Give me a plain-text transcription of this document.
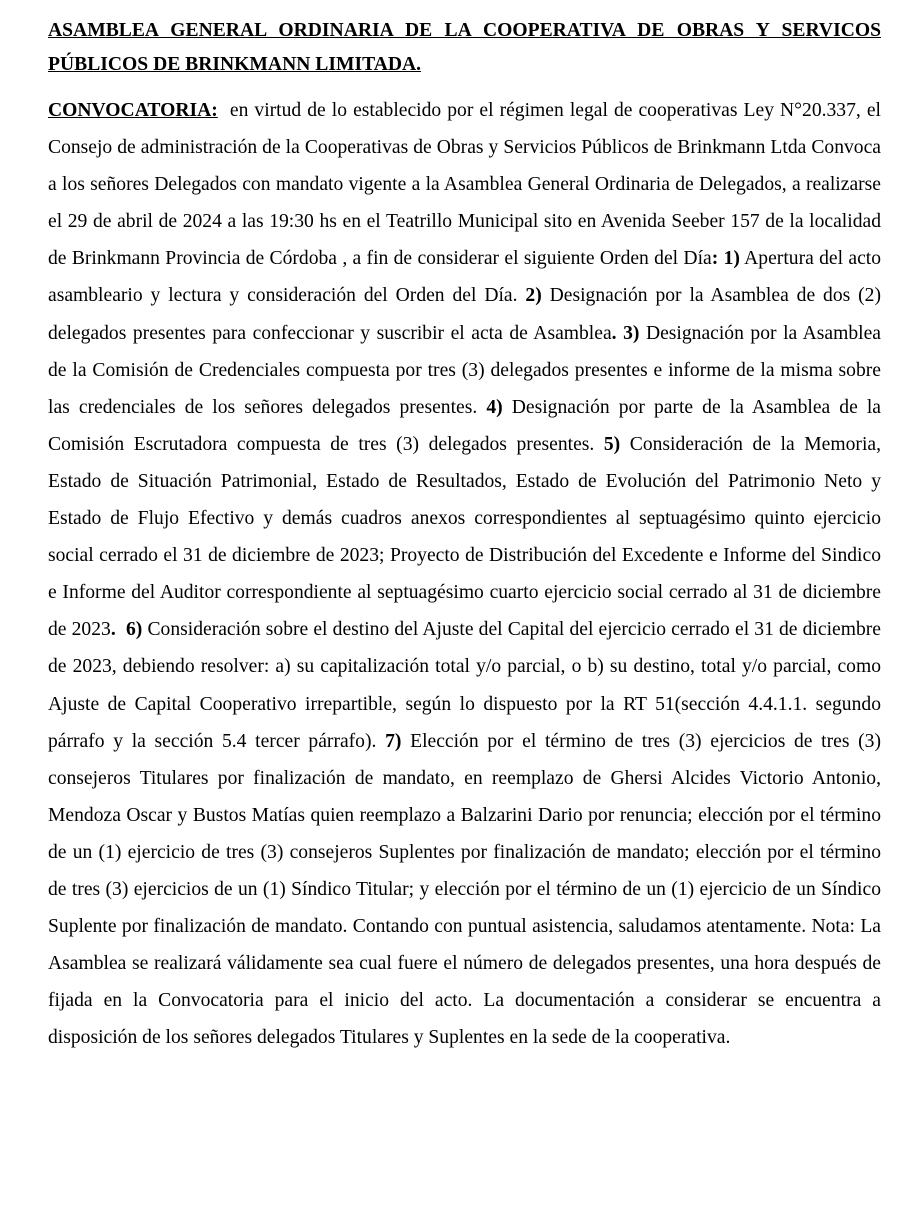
ASAMBLEA GENERAL ORDINARIA DE LA COOPERATIVA DE OBRAS Y SERVICOS PÚBLICOS DE BRINKMANN LIMITADA.

CONVOCATORIA:  en virtud de lo establecido por el régimen legal de cooperativas Ley N°20.337, el Consejo de administración de la Cooperativas de Obras y Servicios Públicos de Brinkmann Ltda Convoca a los señores Delegados con mandato vigente a la Asamblea General Ordinaria de Delegados, a realizarse el 29 de abril de 2024 a las 19:30 hs en el Teatrillo Municipal sito en Avenida Seeber 157 de la localidad de Brinkmann Provincia de Córdoba , a fin de considerar el siguiente Orden del Día: 1) Apertura del acto asambleario y lectura y consideración del Orden del Día. 2) Designación por la Asamblea de dos (2) delegados presentes para confeccionar y suscribir el acta de Asamblea. 3) Designación por la Asamblea de la Comisión de Credenciales compuesta por tres (3) delegados presentes e informe de la misma sobre las credenciales de los señores delegados presentes. 4) Designación por parte de la Asamblea de la Comisión Escrutadora compuesta de tres (3) delegados presentes. 5) Consideración de la Memoria, Estado de Situación Patrimonial, Estado de Resultados, Estado de Evolución del Patrimonio Neto y Estado de Flujo Efectivo y demás cuadros anexos correspondientes al septuagésimo quinto ejercicio social cerrado el 31 de diciembre de 2023; Proyecto de Distribución del Excedente e Informe del Sindico e Informe del Auditor correspondiente al septuagésimo cuarto ejercicio social cerrado al 31 de diciembre de 2023.  6) Consideración sobre el destino del Ajuste del Capital del ejercicio cerrado el 31 de diciembre de 2023, debiendo resolver: a) su capitalización total y/o parcial, o b) su destino, total y/o parcial, como Ajuste de Capital Cooperativo irrepartible, según lo dispuesto por la RT 51(sección 4.4.1.1. segundo párrafo y la sección 5.4 tercer párrafo). 7) Elección por el término de tres (3) ejercicios de tres (3) consejeros Titulares por finalización de mandato, en reemplazo de Ghersi Alcides Victorio Antonio, Mendoza Oscar y Bustos Matías quien reemplazo a Balzarini Dario por renuncia; elección por el término de un (1) ejercicio de tres (3) consejeros Suplentes por finalización de mandato; elección por el término de tres (3) ejercicios de un (1) Síndico Titular; y elección por el término de un (1) ejercicio de un Síndico Suplente por finalización de mandato. Contando con puntual asistencia, saludamos atentamente. Nota: La Asamblea se realizará válidamente sea cual fuere el número de delegados presentes, una hora después de fijada en la Convocatoria para el inicio del acto. La documentación a considerar se encuentra a disposición de los señores delegados Titulares y Suplentes en la sede de la cooperativa.
